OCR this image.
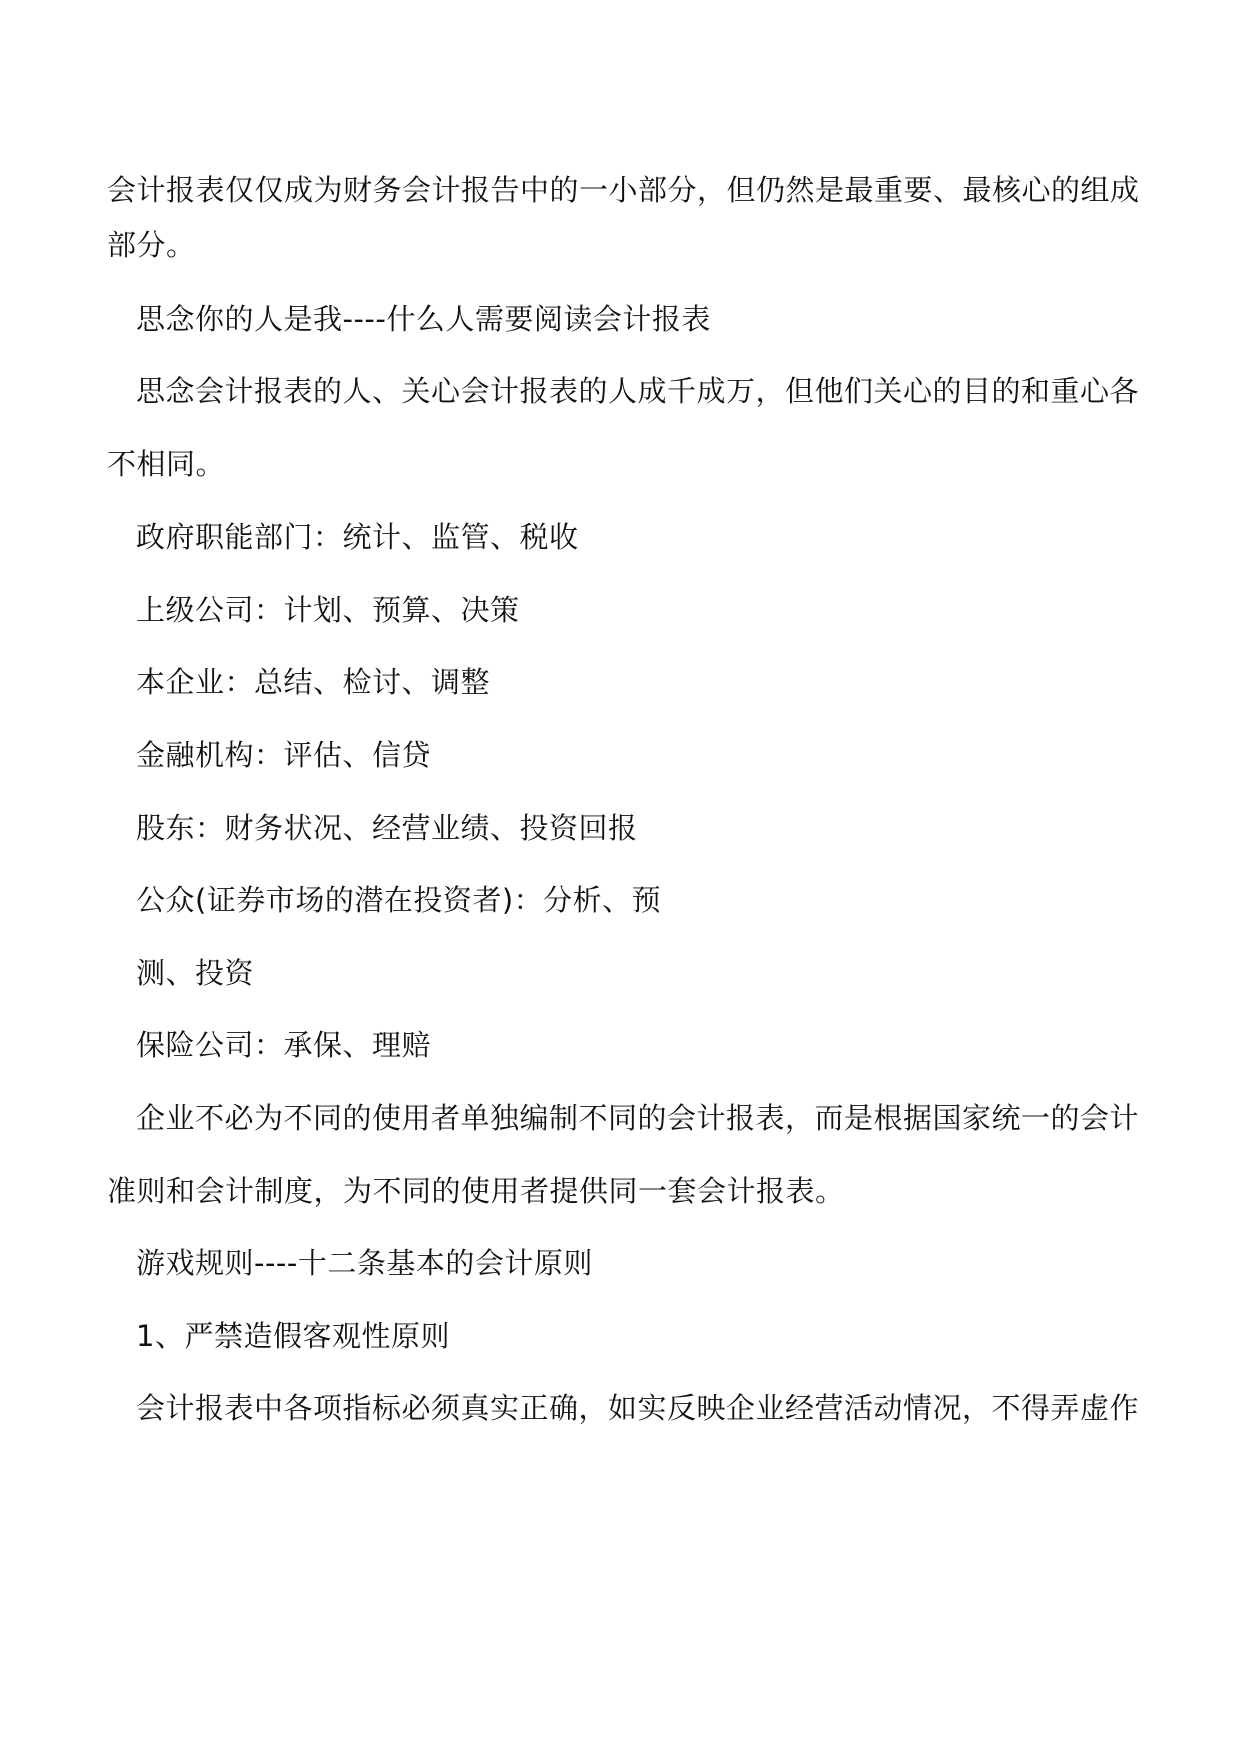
会计报表仅仅成为财务会计报告中的一小部分，但仍然是最重要、最核心的组成

部分。

思念你的人是我----什么人需要阅读会计报表

思念会计报表的人、关心会计报表的人成千成万，但他们关心的目的和重心各

不相同。

政府职能部门：统计、监管、税收

上级公司：计划、预算、决策

本企业：总结、检讨、调整

金融机构：评估、信贷

股东：财务状况、经营业绩、投资回报

公众(证券市场的潜在投资者)：分析、预

测、投资

保险公司：承保、理赔

企业不必为不同的使用者单独编制不同的会计报表，而是根据国家统一的会计

准则和会计制度，为不同的使用者提供同一套会计报表。

游戏规则----十二条基本的会计原则

1、严禁造假客观性原则

会计报表中各项指标必须真实正确，如实反映企业经营活动情况，不得弄虚作
